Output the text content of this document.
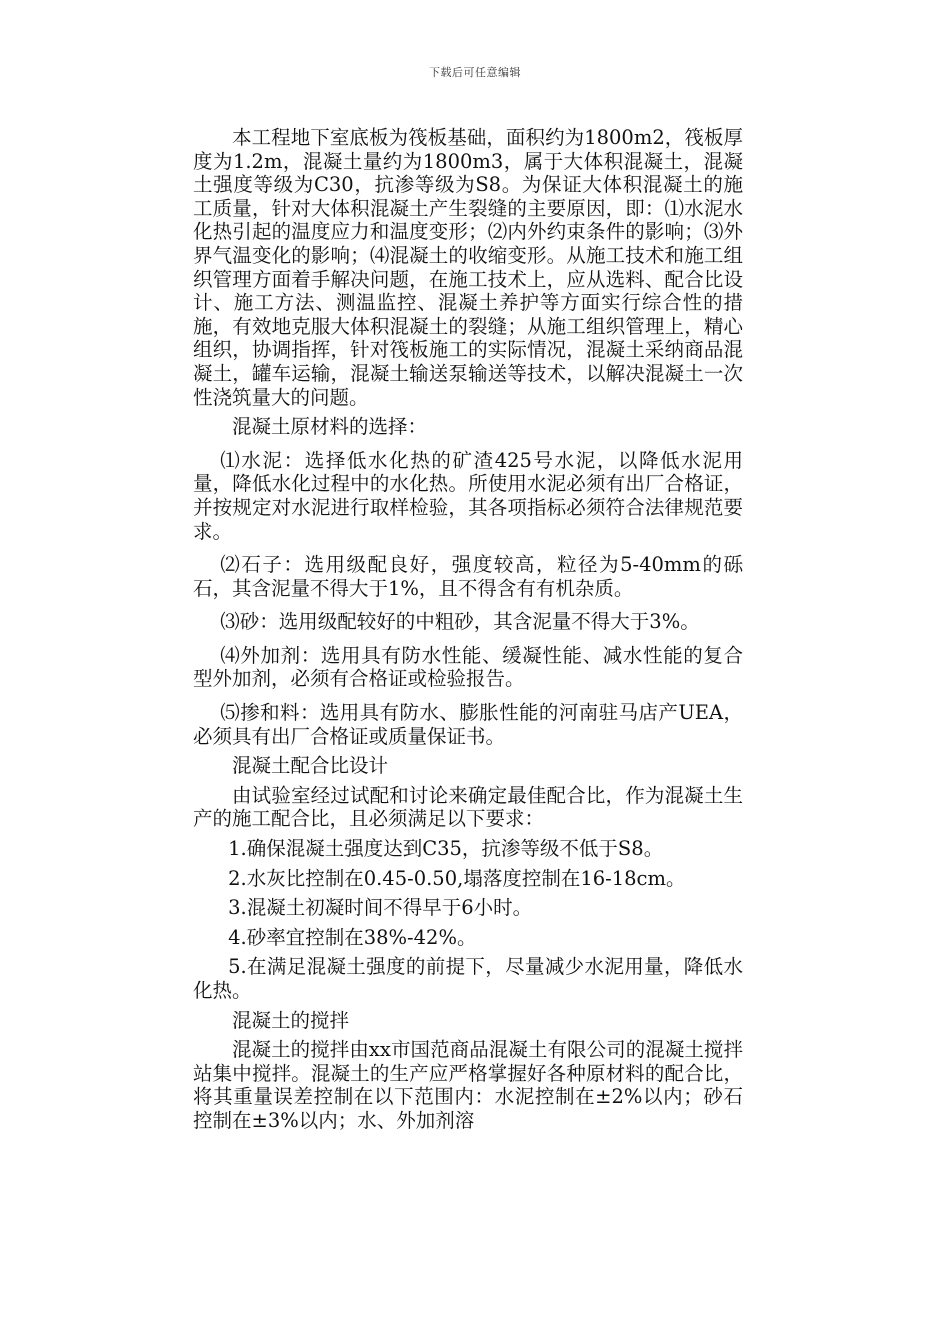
下载后可任意编辑

本工程地下室底板为筏板基础，面积约为1800m2，筏板厚度为1.2m，混凝土量约为1800m3，属于大体积混凝土，混凝土强度等级为C30，抗渗等级为S8。为保证大体积混凝土的施工质量，针对大体积混凝土产生裂缝的主要原因，即：⑴水泥水化热引起的温度应力和温度变形；⑵内外约束条件的影响；⑶外界气温变化的影响；⑷混凝土的收缩变形。从施工技术和施工组织管理方面着手解决问题，在施工技术上，应从选料、配合比设计、施工方法、测温监控、混凝土养护等方面实行综合性的措施，有效地克服大体积混凝土的裂缝；从施工组织管理上，精心组织，协调指挥，针对筏板施工的实际情况，混凝土采纳商品混凝土，罐车运输，混凝土输送泵输送等技术，以解决混凝土一次性浇筑量大的问题。

混凝土原材料的选择：

⑴水泥：选择低水化热的矿渣425号水泥，以降低水泥用量，降低水化过程中的水化热。所使用水泥必须有出厂合格证，并按规定对水泥进行取样检验，其各项指标必须符合法律规范要求。

⑵石子：选用级配良好，强度较高，粒径为5-40mm的砾石，其含泥量不得大于1%，且不得含有有机杂质。

⑶砂：选用级配较好的中粗砂，其含泥量不得大于3%。

⑷外加剂：选用具有防水性能、缓凝性能、减水性能的复合型外加剂，必须有合格证或检验报告。

⑸掺和料：选用具有防水、膨胀性能的河南驻马店产UEA，必须具有出厂合格证或质量保证书。

混凝土配合比设计

由试验室经过试配和讨论来确定最佳配合比，作为混凝土生产的施工配合比，且必须满足以下要求：

1.确保混凝土强度达到C35，抗渗等级不低于S8。

2.水灰比控制在0.45-0.50,塌落度控制在16-18cm。

3.混凝土初凝时间不得早于6小时。

4.砂率宜控制在38%-42%。

5.在满足混凝土强度的前提下，尽量减少水泥用量，降低水化热。

混凝土的搅拌

混凝土的搅拌由xx市国范商品混凝土有限公司的混凝土搅拌站集中搅拌。混凝土的生产应严格掌握好各种原材料的配合比，将其重量误差控制在以下范围内：水泥控制在±2%以内；砂石控制在±3%以内；水、外加剂溶
